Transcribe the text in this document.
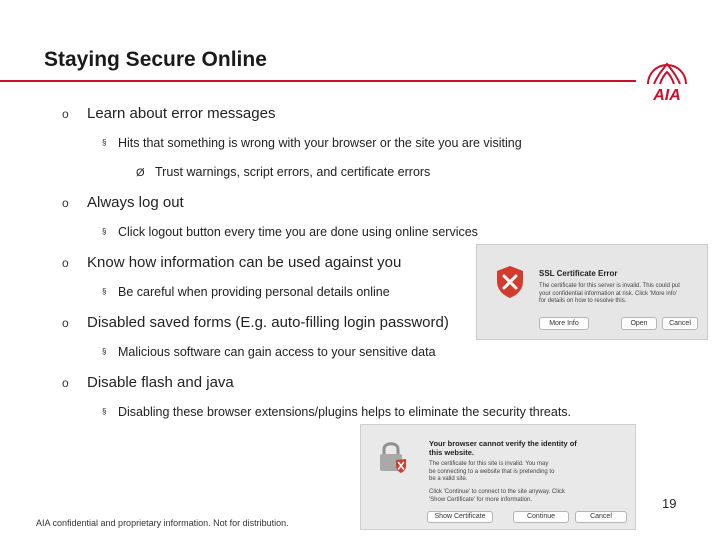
Staying Secure Online
AIA
o Learn about error messages
§ Hits that something is wrong with your browser or the site you are visiting
Ø Trust warnings, script errors, and certificate errors
o Always log out
§ Click logout button every time you are done using online services
o Know how information can be used against you
§ Be careful when providing personal details online
o Disabled saved forms (E.g. auto-filling login password)
§ Malicious software can gain access to your sensitive data
o Disable flash and java
§ Disabling these browser extensions/plugins helps to eliminate the security threats.
SSL Certificate Error
The certificate for this server is invalid. This could put
your confidential information at risk. Click 'More info'
for details on how to resolve this.
More Info	Open	Cancel
Your browser cannot verify the identity of
this website.
The certificate for this site is invalid. You may
be connecting to a website that is pretending to
be a valid site.
Click 'Continue' to connect to the site anyway. Click
'Show Certificate' for more information.
Show Certificate	Continue	Cancel
19
AIA confidential and proprietary information. Not for distribution.
